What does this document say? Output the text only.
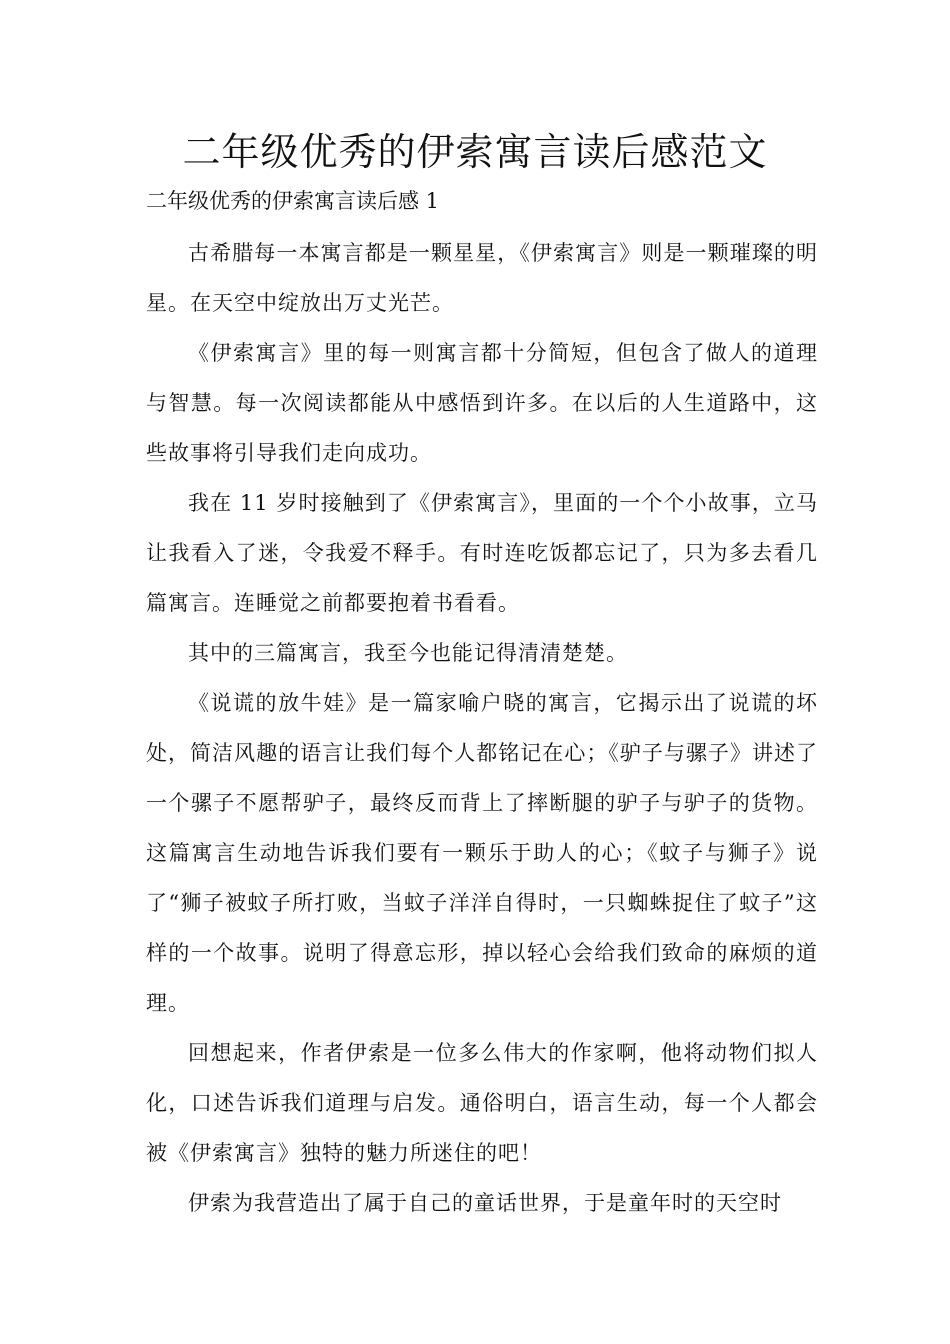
二年级优秀的伊索寓言读后感范文
二年级优秀的伊索寓言读后感 1

古希腊每一本寓言都是一颗星星，《伊索寓言》则是一颗璀璨的明星。在天空中绽放出万丈光芒。

《伊索寓言》里的每一则寓言都十分简短，但包含了做人的道理与智慧。每一次阅读都能从中感悟到许多。在以后的人生道路中，这些故事将引导我们走向成功。

我在 11 岁时接触到了《伊索寓言》，里面的一个个小故事，立马让我看入了迷，令我爱不释手。有时连吃饭都忘记了，只为多去看几篇寓言。连睡觉之前都要抱着书看看。

其中的三篇寓言，我至今也能记得清清楚楚。

《说谎的放牛娃》是一篇家喻户晓的寓言，它揭示出了说谎的坏处，简洁风趣的语言让我们每个人都铭记在心；《驴子与骡子》讲述了一个骡子不愿帮驴子，最终反而背上了摔断腿的驴子与驴子的货物。这篇寓言生动地告诉我们要有一颗乐于助人的心；《蚊子与狮子》说了“狮子被蚊子所打败，当蚊子洋洋自得时，一只蜘蛛捉住了蚊子”这样的一个故事。说明了得意忘形，掉以轻心会给我们致命的麻烦的道理。

回想起来，作者伊索是一位多么伟大的作家啊，他将动物们拟人化，口述告诉我们道理与启发。通俗明白，语言生动，每一个人都会被《伊索寓言》独特的魅力所迷住的吧！

伊索为我营造出了属于自己的童话世界，于是童年时的天空时
